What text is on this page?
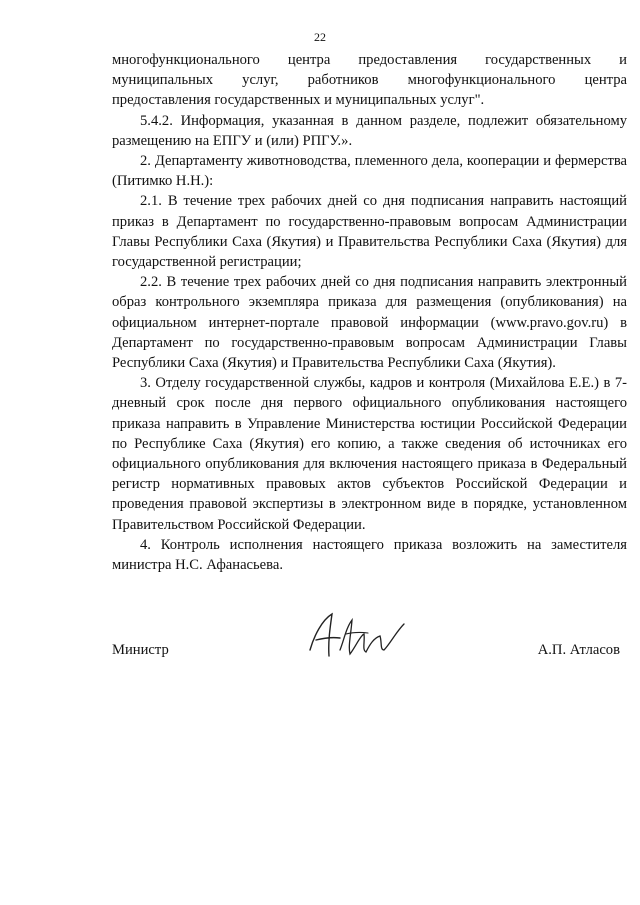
22

многофункционального центра предоставления государственных и муниципальных услуг, работников многофункционального центра предоставления государственных и муниципальных услуг".

5.4.2. Информация, указанная в данном разделе, подлежит обязательному размещению на ЕПГУ и (или) РПГУ.».

2. Департаменту животноводства, племенного дела, кооперации и фермерства (Питимко Н.Н.):

2.1. В течение трех рабочих дней со дня подписания направить настоящий приказ в Департамент по государственно-правовым вопросам Администрации Главы Республики Саха (Якутия) и Правительства Республики Саха (Якутия) для государственной регистрации;

2.2. В течение трех рабочих дней со дня подписания направить электронный образ контрольного экземпляра приказа для размещения (опубликования) на официальном интернет-портале правовой информации (www.pravo.gov.ru) в Департамент по государственно-правовым вопросам Администрации Главы Республики Саха (Якутия) и Правительства Республики Саха (Якутия).

3. Отделу государственной службы, кадров и контроля (Михайлова Е.Е.) в 7-дневный срок после дня первого официального опубликования настоящего приказа направить в Управление Министерства юстиции Российской Федерации по Республике Саха (Якутия) его копию, а также сведения об источниках его официального опубликования для включения настоящего приказа в Федеральный регистр нормативных правовых актов субъектов Российской Федерации и проведения правовой экспертизы в электронном виде в порядке, установленном Правительством Российской Федерации.

4. Контроль исполнения настоящего приказа возложить на заместителя министра Н.С. Афанасьева.

Министр	А.П. Атласов
